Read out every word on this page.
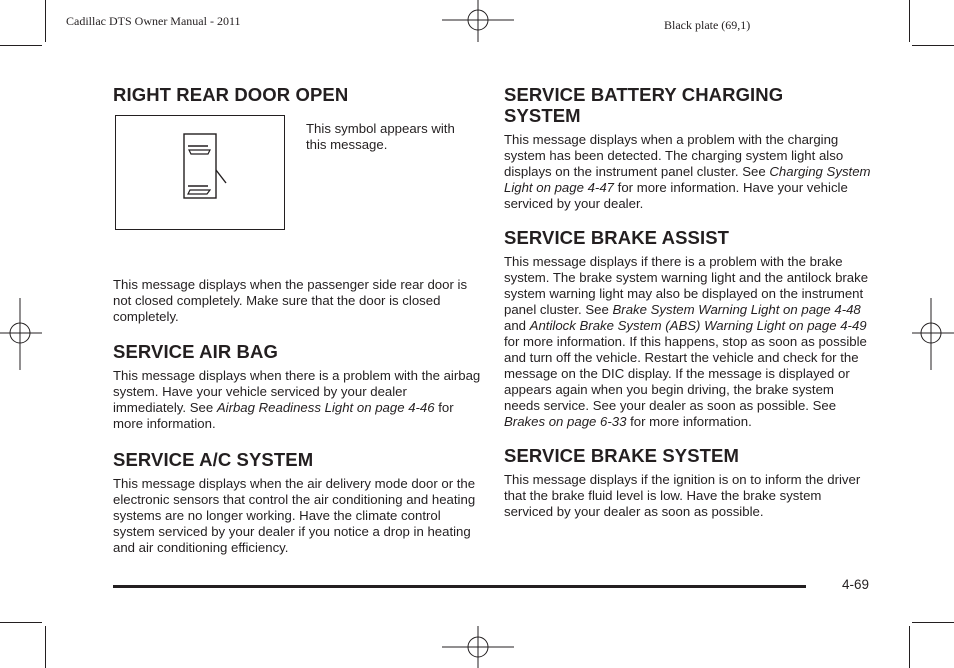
Cadillac DTS Owner Manual - 2011	Black plate (69,1)
RIGHT REAR DOOR OPEN

This symbol appears with this message.

This message displays when the passenger side rear door is not closed completely. Make sure that the door is closed completely.

SERVICE AIR BAG

This message displays when there is a problem with the airbag system. Have your vehicle serviced by your dealer immediately. See Airbag Readiness Light on page 4-46 for more information.

SERVICE A/C SYSTEM

This message displays when the air delivery mode door or the electronic sensors that control the air conditioning and heating systems are no longer working. Have the climate control system serviced by your dealer if you notice a drop in heating and air conditioning efficiency.

SERVICE BATTERY CHARGING SYSTEM

This message displays when a problem with the charging system has been detected. The charging system light also displays on the instrument panel cluster. See Charging System Light on page 4-47 for more information. Have your vehicle serviced by your dealer.

SERVICE BRAKE ASSIST

This message displays if there is a problem with the brake system. The brake system warning light and the antilock brake system warning light may also be displayed on the instrument panel cluster. See Brake System Warning Light on page 4-48 and Antilock Brake System (ABS) Warning Light on page 4-49 for more information. If this happens, stop as soon as possible and turn off the vehicle. Restart the vehicle and check for the message on the DIC display. If the message is displayed or appears again when you begin driving, the brake system needs service. See your dealer as soon as possible. See Brakes on page 6-33 for more information.

SERVICE BRAKE SYSTEM

This message displays if the ignition is on to inform the driver that the brake fluid level is low. Have the brake system serviced by your dealer as soon as possible.

4-69
